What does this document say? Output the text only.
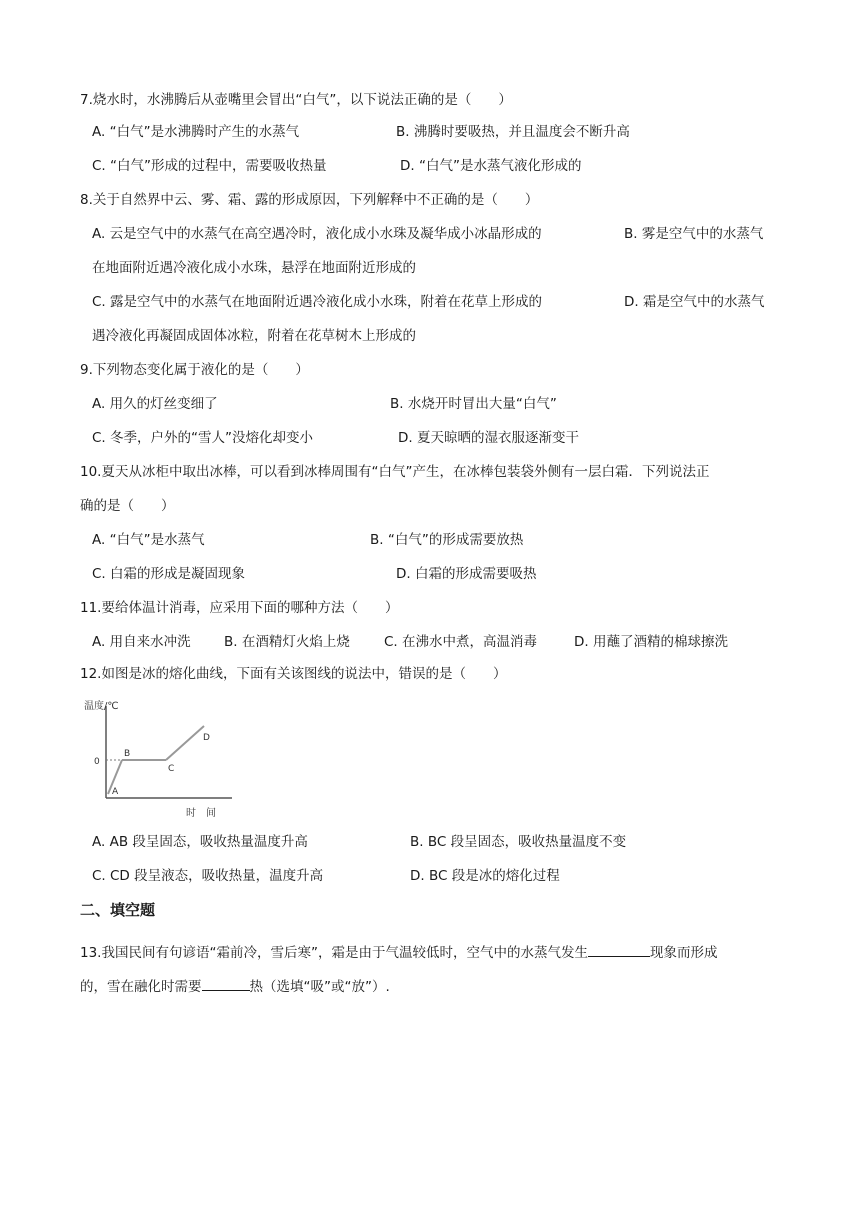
7.烧水时，水沸腾后从壶嘴里会冒出“白气”，以下说法正确的是（　　）
A. “白气”是水沸腾时产生的水蒸气	B. 沸腾时要吸热，并且温度会不断升高
C. “白气”形成的过程中，需要吸收热量	D. “白气”是水蒸气液化形成的
8.关于自然界中云、雾、霜、露的形成原因，下列解释中不正确的是（　　）
A. 云是空气中的水蒸气在高空遇冷时，液化成小水珠及凝华成小冰晶形成的	B. 雾是空气中的水蒸气
在地面附近遇冷液化成小水珠，悬浮在地面附近形成的
C. 露是空气中的水蒸气在地面附近遇冷液化成小水珠，附着在花草上形成的	D. 霜是空气中的水蒸气
遇冷液化再凝固成固体冰粒，附着在花草树木上形成的
9.下列物态变化属于液化的是（　　）
A. 用久的灯丝变细了	B. 水烧开时冒出大量“白气”
C. 冬季，户外的“雪人”没熔化却变小	D. 夏天晾晒的湿衣服逐渐变干
10.夏天从冰柜中取出冰棒，可以看到冰棒周围有“白气”产生，在冰棒包装袋外侧有一层白霜．下列说法正
确的是（　　）
A. “白气”是水蒸气	B. “白气”的形成需要放热
C. 白霜的形成是凝固现象	D. 白霜的形成需要吸热
11.要给体温计消毒，应采用下面的哪种方法（　　）
A. 用自来水冲洗 B. 在酒精灯火焰上烧	C. 在沸水中煮，高温消毒	D. 用蘸了酒精的棉球擦洗
12.如图是冰的熔化曲线，下面有关该图线的说法中，错误的是（　　）
温度/℃
0
A
B
C
D
时　间
A. AB 段呈固态，吸收热量温度升高	B. BC 段呈固态，吸收热量温度不变
C. CD 段呈液态，吸收热量，温度升高	D. BC 段是冰的熔化过程
二、填空题
13.我国民间有句谚语“霜前冷，雪后寒”，霜是由于气温较低时，空气中的水蒸气发生	现象而形成
的，雪在融化时需要	热（选填“吸”或“放”）.
